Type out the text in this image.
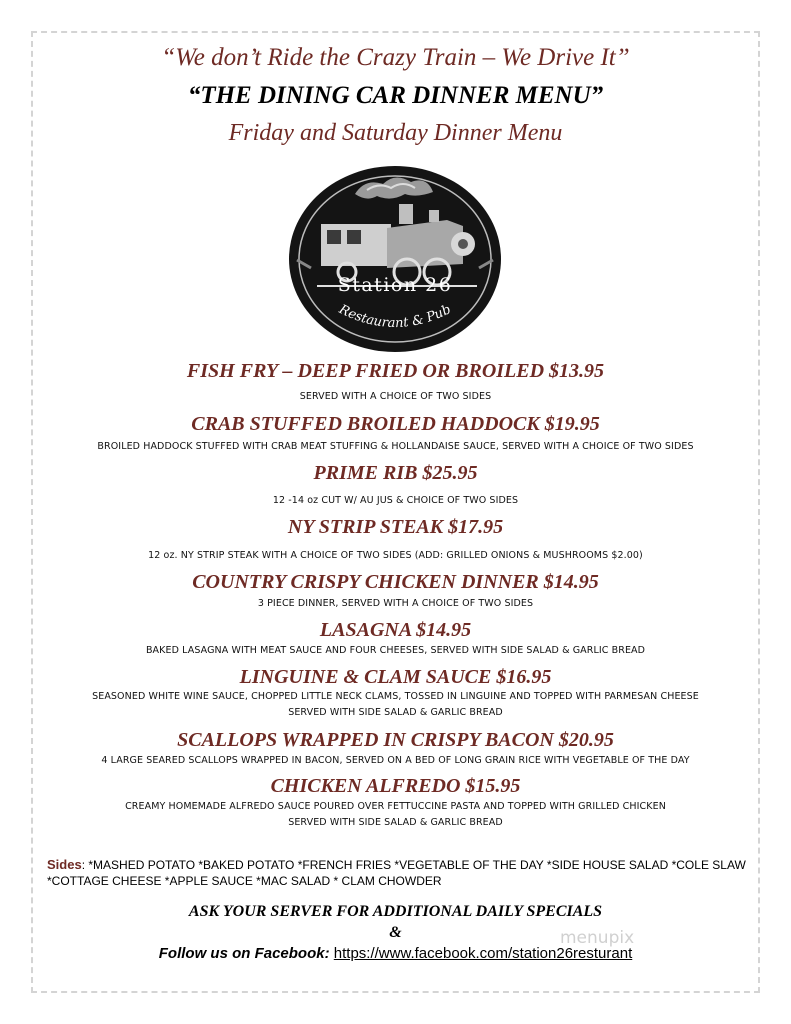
“We don’t Ride the Crazy Train – We Drive It”
“THE DINING CAR DINNER MENU”
Friday and Saturday Dinner Menu
Station 26
Restaurant & Pub
FISH FRY – DEEP FRIED OR BROILED $13.95
SERVED WITH A CHOICE OF TWO SIDES
CRAB STUFFED BROILED HADDOCK $19.95
BROILED HADDOCK STUFFED WITH CRAB MEAT STUFFING & HOLLANDAISE SAUCE, SERVED WITH A CHOICE OF TWO SIDES
PRIME RIB $25.95
12 -14 oz CUT W/ AU JUS & CHOICE OF TWO SIDES
NY STRIP STEAK $17.95
12 oz. NY STRIP STEAK WITH A CHOICE OF TWO SIDES (ADD: GRILLED ONIONS & MUSHROOMS $2.00)
COUNTRY CRISPY CHICKEN DINNER $14.95
3 PIECE DINNER, SERVED WITH A CHOICE OF TWO SIDES
LASAGNA $14.95
BAKED LASAGNA WITH MEAT SAUCE AND FOUR CHEESES, SERVED WITH SIDE SALAD & GARLIC BREAD
LINGUINE & CLAM SAUCE $16.95
SEASONED WHITE WINE SAUCE, CHOPPED LITTLE NECK CLAMS, TOSSED IN LINGUINE AND TOPPED WITH PARMESAN CHEESE
SERVED WITH SIDE SALAD & GARLIC BREAD
SCALLOPS WRAPPED IN CRISPY BACON $20.95
4 LARGE SEARED SCALLOPS WRAPPED IN BACON, SERVED ON A BED OF LONG GRAIN RICE WITH VEGETABLE OF THE DAY
CHICKEN ALFREDO $15.95
CREAMY HOMEMADE ALFREDO SAUCE POURED OVER FETTUCCINE PASTA AND TOPPED WITH GRILLED CHICKEN
SERVED WITH SIDE SALAD & GARLIC BREAD
Sides: *MASHED POTATO *BAKED POTATO *FRENCH FRIES *VEGETABLE OF THE DAY *SIDE HOUSE SALAD *COLE SLAW *COTTAGE CHEESE *APPLE SAUCE *MAC SALAD * CLAM CHOWDER
ASK YOUR SERVER FOR ADDITIONAL DAILY SPECIALS
&
Follow us on Facebook: https://www.facebook.com/station26resturant
menupix
